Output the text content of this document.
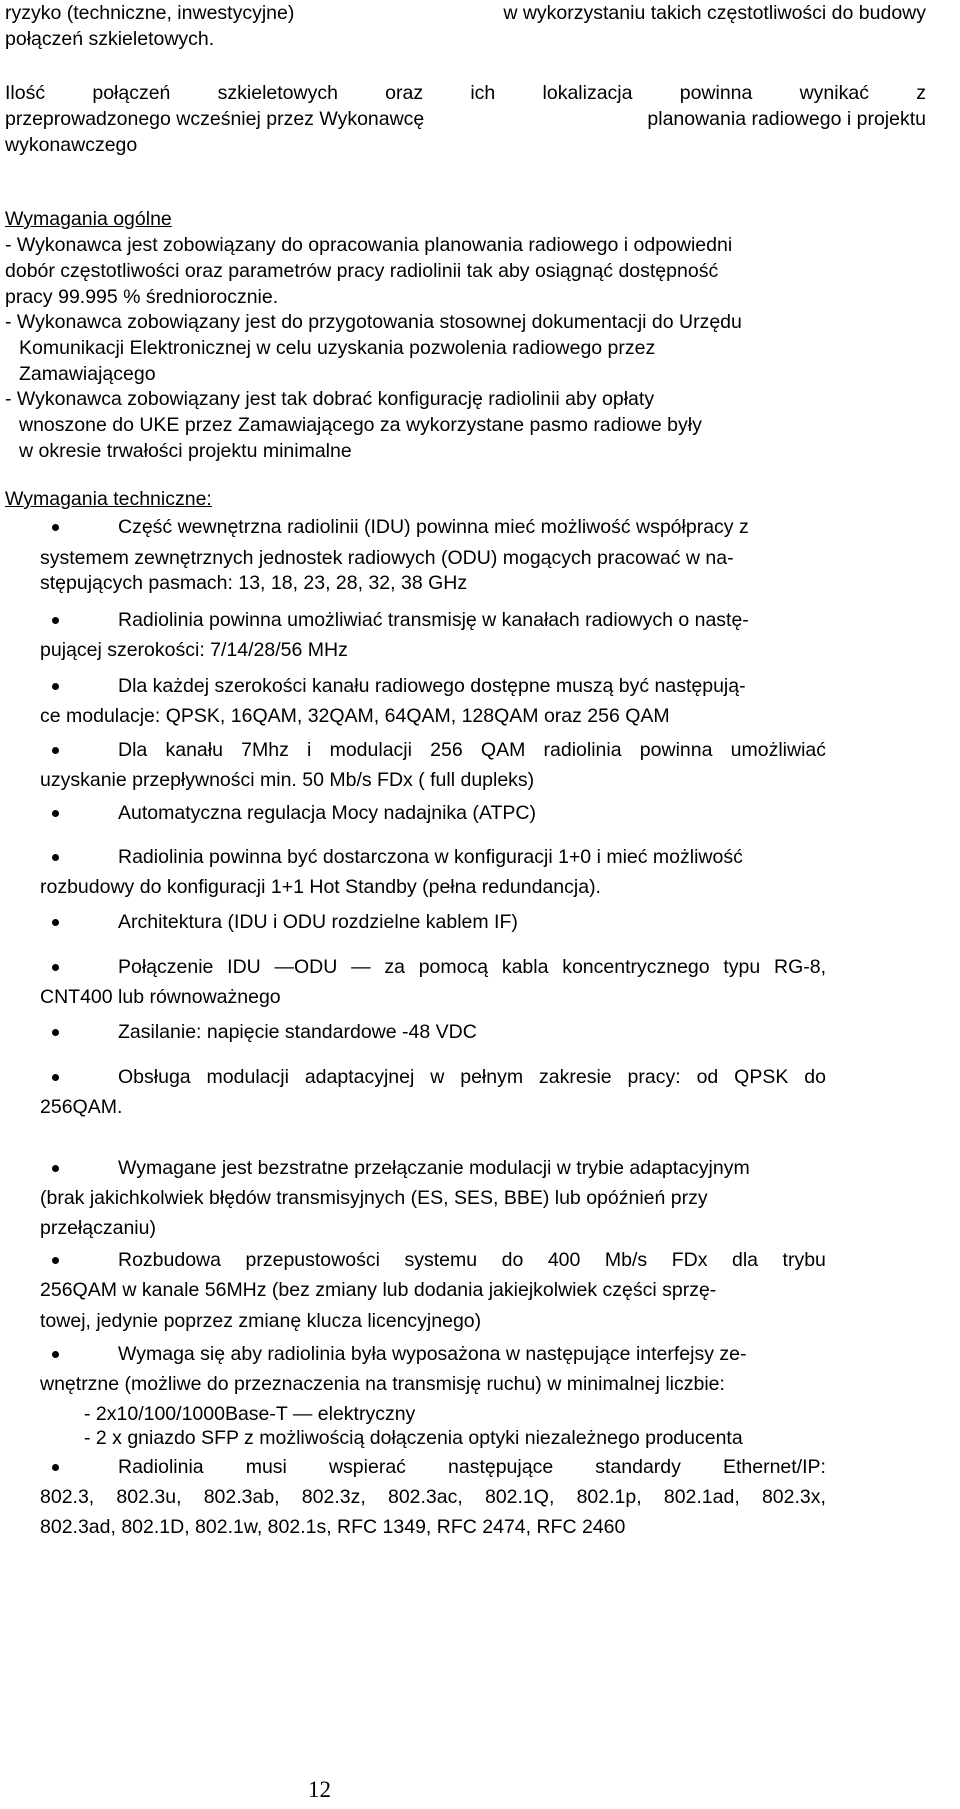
ryzyko (techniczne, inwestycyjne)	w wykorzystaniu takich częstotliwości do budowy
połączeń szkieletowych.
Ilość połączeń szkieletowych oraz ich lokalizacja powinna wynikać z
przeprowadzonego wcześniej przez Wykonawcę	planowania radiowego i projektu
wykonawczego
Wymagania ogólne
- Wykonawca jest zobowiązany do opracowania planowania radiowego i odpowiedni
dobór częstotliwości oraz parametrów pracy radiolinii tak aby osiągnąć dostępność
pracy 99.995 % średniorocznie.
- Wykonawca zobowiązany jest do przygotowania stosownej dokumentacji do Urzędu
Komunikacji Elektronicznej w celu uzyskania pozwolenia radiowego przez
Zamawiającego
- Wykonawca zobowiązany jest tak dobrać konfigurację radiolinii aby opłaty
wnoszone do UKE przez Zamawiającego za wykorzystane pasmo radiowe były
w okresie trwałości projektu minimalne
Wymagania techniczne:
Część wewnętrzna radiolinii (IDU) powinna mieć możliwość współpracy z
systemem zewnętrznych jednostek radiowych (ODU) mogących pracować w na-
stępujących pasmach: 13, 18, 23, 28, 32, 38 GHz
Radiolinia powinna umożliwiać transmisję w kanałach radiowych o nastę-
pującej szerokości: 7/14/28/56 MHz
Dla każdej szerokości kanału radiowego dostępne muszą być następują-
ce modulacje: QPSK, 16QAM, 32QAM, 64QAM, 128QAM oraz 256 QAM
Dla kanału 7Mhz i modulacji 256 QAM radiolinia powinna umożliwiać
uzyskanie przepływności min. 50 Mb/s FDx ( full dupleks)
Automatyczna regulacja Mocy nadajnika (ATPC)
Radiolinia powinna być dostarczona w konfiguracji 1+0 i mieć możliwość
rozbudowy do konfiguracji 1+1 Hot Standby (pełna redundancja).
Architektura (IDU i ODU rozdzielne kablem IF)
Połączenie IDU —ODU — za pomocą kabla koncentrycznego typu RG-8,
CNT400 lub równoważnego
Zasilanie: napięcie standardowe -48 VDC
Obsługa modulacji adaptacyjnej w pełnym zakresie pracy: od QPSK do
256QAM.
Wymagane jest bezstratne przełączanie modulacji w trybie adaptacyjnym
(brak jakichkolwiek błędów transmisyjnych (ES, SES, BBE) lub opóźnień przy
przełączaniu)
Rozbudowa przepustowości systemu do 400 Mb/s FDx dla trybu
256QAM w kanale 56MHz (bez zmiany lub dodania jakiejkolwiek części sprzę-
towej, jedynie poprzez zmianę klucza licencyjnego)
Wymaga się aby radiolinia była wyposażona w następujące interfejsy ze-
wnętrzne (możliwe do przeznaczenia na transmisję ruchu) w minimalnej liczbie:
- 2x10/100/1000Base-T — elektryczny
- 2 x gniazdo SFP z możliwością dołączenia optyki niezależnego producenta
Radiolinia musi wspierać następujące standardy Ethernet/IP:
802.3, 802.3u, 802.3ab, 802.3z, 802.3ac, 802.1Q, 802.1p, 802.1ad, 802.3x,
802.3ad, 802.1D, 802.1w, 802.1s, RFC 1349, RFC 2474, RFC 2460
12
